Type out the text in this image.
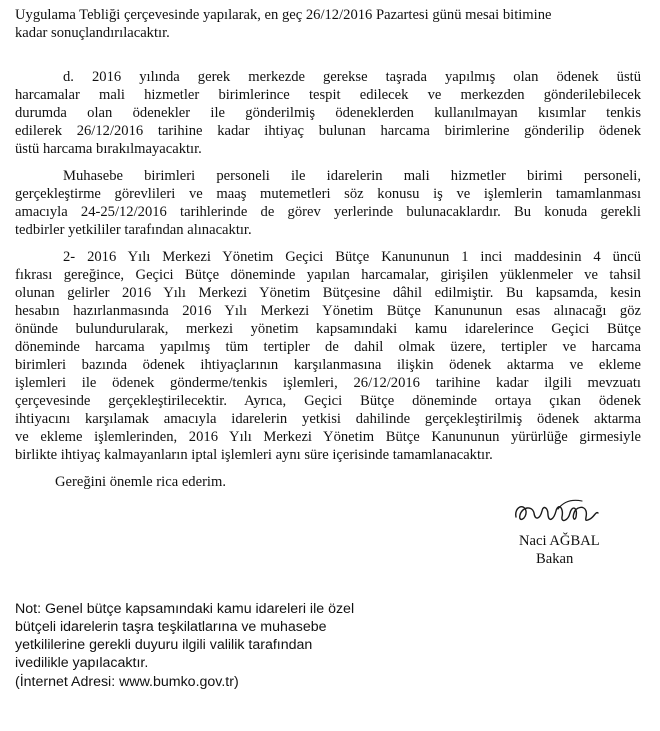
Uygulama Tebliği çerçevesinde yapılarak, en geç 26/12/2016 Pazartesi günü mesai bitimine
kadar sonuçlandırılacaktır.
d. 2016 yılında gerek merkezde gerekse taşrada yapılmış olan ödenek üstü
harcamalar mali hizmetler birimlerince tespit edilecek ve merkezden gönderilebilecek
durumda olan ödenekler ile gönderilmiş ödeneklerden kullanılmayan kısımlar tenkis
edilerek 26/12/2016 tarihine kadar ihtiyaç bulunan harcama birimlerine gönderilip ödenek
üstü harcama bırakılmayacaktır.
Muhasebe birimleri personeli ile idarelerin mali hizmetler birimi personeli,
gerçekleştirme görevlileri ve maaş mutemetleri söz konusu iş ve işlemlerin tamamlanması
amacıyla 24-25/12/2016 tarihlerinde de görev yerlerinde bulunacaklardır. Bu konuda gerekli
tedbirler yetkililer tarafından alınacaktır.
2- 2016 Yılı Merkezi Yönetim Geçici Bütçe Kanununun 1 inci maddesinin 4 üncü
fıkrası gereğince, Geçici Bütçe döneminde yapılan harcamalar, girişilen yüklenmeler ve tahsil
olunan gelirler 2016 Yılı Merkezi Yönetim Bütçesine dâhil edilmiştir. Bu kapsamda, kesin
hesabın hazırlanmasında 2016 Yılı Merkezi Yönetim Bütçe Kanununun esas alınacağı göz
önünde bulundurularak, merkezi yönetim kapsamındaki kamu idarelerince Geçici Bütçe
döneminde harcama yapılmış tüm tertipler de dahil olmak üzere, tertipler ve harcama
birimleri bazında ödenek ihtiyaçlarının karşılanmasına ilişkin ödenek aktarma ve ekleme
işlemleri ile ödenek gönderme/tenkis işlemleri, 26/12/2016 tarihine kadar ilgili mevzuatı
çerçevesinde gerçekleştirilecektir. Ayrıca, Geçici Bütçe döneminde ortaya çıkan ödenek
ihtiyacını karşılamak amacıyla idarelerin yetkisi dahilinde gerçekleştirilmiş ödenek aktarma
ve ekleme işlemlerinden, 2016 Yılı Merkezi Yönetim Bütçe Kanununun yürürlüğe girmesiyle
birlikte ihtiyaç kalmayanların iptal işlemleri aynı süre içerisinde tamamlanacaktır.
Gereğini önemle rica ederim.
Naci AĞBAL
Bakan
Not: Genel bütçe kapsamındaki kamu idareleri ile özel
bütçeli idarelerin taşra teşkilatlarına ve muhasebe
yetkililerine gerekli duyuru ilgili valilik tarafından
ivedilikle yapılacaktır.
(İnternet Adresi: www.bumko.gov.tr)
